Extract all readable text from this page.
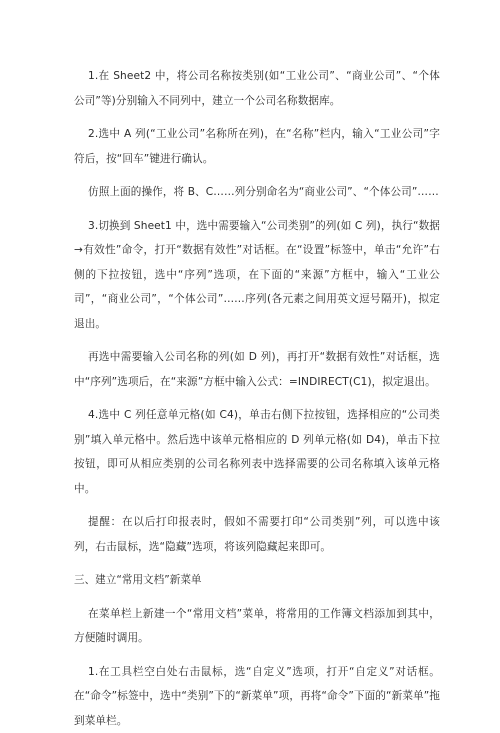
1.在 Sheet2 中，将公司名称按类别(如“工业公司”、“商业公司”、“个体公司”等)分别输入不同列中，建立一个公司名称数据库。

2.选中 A 列(“工业公司”名称所在列)，在“名称”栏内，输入“工业公司”字符后，按“回车”键进行确认。

仿照上面的操作，将 B、C……列分别命名为“商业公司”、“个体公司”……

3.切换到 Sheet1 中，选中需要输入“公司类别”的列(如 C 列)，执行“数据→有效性”命令，打开“数据有效性”对话框。在“设置”标签中，单击“允许”右侧的下拉按钮，选中“序列”选项，在下面的“来源”方框中，输入“工业公司”，“商业公司”，“个体公司”……序列(各元素之间用英文逗号隔开)，拟定退出。

再选中需要输入公司名称的列(如 D 列)，再打开“数据有效性”对话框，选中“序列”选项后，在“来源”方框中输入公式：=INDIRECT(C1)，拟定退出。

4.选中 C 列任意单元格(如 C4)，单击右侧下拉按钮，选择相应的“公司类别”填入单元格中。然后选中该单元格相应的 D 列单元格(如 D4)，单击下拉按钮，即可从相应类别的公司名称列表中选择需要的公司名称填入该单元格中。

提醒：在以后打印报表时，假如不需要打印“公司类别”列，可以选中该列，右击鼠标，选“隐藏”选项，将该列隐藏起来即可。

三、建立“常用文档”新菜单

在菜单栏上新建一个“常用文档”菜单，将常用的工作簿文档添加到其中，方便随时调用。

1.在工具栏空白处右击鼠标，选“自定义”选项，打开“自定义”对话框。在“命令”标签中，选中“类别”下的“新菜单”项，再将“命令”下面的“新菜单”拖到菜单栏。
